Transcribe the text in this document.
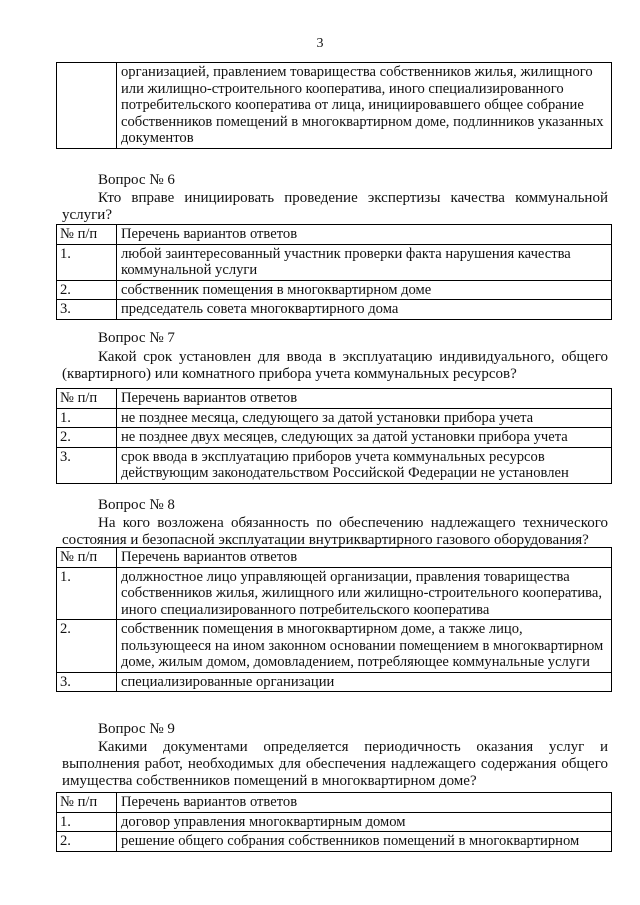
3
	организацией, правлением товарищества собственников жилья, жилищного или жилищно-строительного кооператива, иного специализированного потребительского кооператива от лица, инициировавшего общее собрание собственников помещений в многоквартирном доме, подлинников указанных документов
Вопрос № 6
Кто вправе инициировать проведение экспертизы качества коммунальной услуги?
№ п/п	Перечень вариантов ответов
1.	любой заинтересованный участник проверки факта нарушения качества коммунальной услуги
2.	собственник помещения в многоквартирном доме
3.	председатель совета многоквартирного дома
Вопрос № 7
Какой срок установлен для ввода в эксплуатацию индивидуального, общего (квартирного) или комнатного прибора учета коммунальных ресурсов?
№ п/п	Перечень вариантов ответов
1.	не позднее месяца, следующего за датой установки прибора учета
2.	не позднее двух месяцев, следующих за датой установки прибора учета
3.	срок ввода в эксплуатацию приборов учета коммунальных ресурсов действующим законодательством Российской Федерации не установлен
Вопрос № 8
На кого возложена обязанность по обеспечению надлежащего технического состояния и безопасной эксплуатации внутриквартирного газового оборудования?
№ п/п	Перечень вариантов ответов
1.	должностное лицо управляющей организации, правления товарищества собственников жилья, жилищного или жилищно-строительного кооператива, иного специализированного потребительского кооператива
2.	собственник помещения в многоквартирном доме, а также лицо, пользующееся на ином законном основании помещением в многоквартирном доме, жилым домом, домовладением, потребляющее коммунальные услуги
3.	специализированные организации
Вопрос № 9
Какими документами определяется периодичность оказания услуг и выполнения работ, необходимых для обеспечения надлежащего содержания общего имущества собственников помещений в многоквартирном доме?
№ п/п	Перечень вариантов ответов
1.	договор управления многоквартирным домом
2.	решение общего собрания собственников помещений в многоквартирном
